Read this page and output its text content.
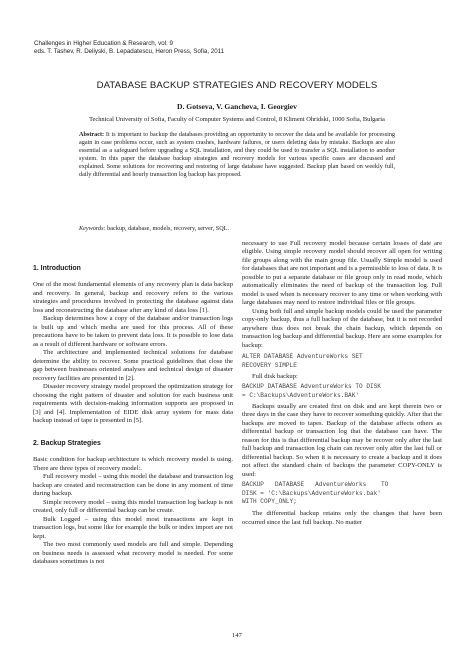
Challenges in Higher Education & Research, vol. 9
eds. T. Tashev, R. Deliyski, B. Lepadatescu, Heron Press, Sofia, 2011
DATABASE BACKUP STRATEGIES AND RECOVERY MODELS
D. Gotseva, V. Gancheva, I. Georgiev
Technical University of Sofia, Faculty of Computer Systems and Control, 8 Kliment Ohridski, 1000 Sofia, Bulgaria
Abstract: It is important to backup the databases providing an opportunity to recover the data and be available for processing again in case problems occur, such as system crashes, hardware failures, or users deleting data by mistake. Backups are also essential as a safeguard before upgrading a SQL installation, and they could be used to transfer a SQL installation to another system. In this paper the database backup strategies and recovery models for various specific cases are discussed and explained. Some solutions for recovering and restoring of large database have suggested. Backup plan based on weekly full, daily differential and hourly transaction log backup has proposed.
Keywords: backup, database, models, recovery, server, SQL.

1. Introduction

One of the most fundamental elements of any recovery plan is data backup and recovery. In general, backup and recovery refers to the various strategies and procedures involved in protecting the database against data loss and reconstructing the database after any kind of data loss [1].

Backup determines how a copy of the database and/or transaction logs is built up and which media are used for this process. All of these precautions have to be taken to prevent data loss. It is possible to lose data as a result of different hardware or software errors.

The architecture and implemented technical solutions for database determine the ability to recover. Some practical guidelines that close the gap between businesses oriented analyses and technical design of disaster recovery facilities are presented in [2].

Disaster recovery strategy model proposed the optimization strategy for choosing the right pattern of disaster and solution for each business unit requirements with decision-making information supports are proposed in [3] and [4]. Implementation of EIDE disk array system for mass data backup instead of tape is presented in [5].

2. Backup Strategies

Basic condition for backup architecture is which recovery model is using. There are three types of recovery model:.

Full recovery model – using this model the database and transaction log backup are created and reconstruction can be done in any moment of time during backup.

Simple recovery model – using this model transaction log backup is not created, only full or differential backup can be create.

Bulk Logged – using this model most transactions are kept in transaction logs, but some like for example the bulk or index import are not kept.

The two most commonly used models are full and simple. Depending on business needs is assessed what recovery model is needed. For some databases sometimes is not

necessary to use Full recovery model because certain losses of date are eligible. Using simple recovery model should recover all open for writing file groups along with the main group file. Usually Simple model is used for databases that are not important and is a permissible to loss of data. It is possible to put a separate database or file group only in read mode, which automatically eliminates the need of backup of the transaction log. Full model is used when is necessary recover to any time or when working with large databases may need to restore individual files or file groups.

Using both full and simple backup models could be used the parameter copy-only backup, thus a full backup of the database, but it is not recorded anywhere thus does not break the chain backup, which depends on transaction log backup and differential backup. Here are some examples for backup:

ALTER DATABASE AdventureWorks SET

RECOVERY SIMPLE

Full disk backup:

BACKUP DATABASE AdventureWorks TO DISK

= C:\Backups\AdventureWorks.BAK'

Backups usually are created first on disk and are kept therein two or three days in the case they have to recover something quickly. After that the backups are moved to tapes. Backup of the database affects others as differential backup or transaction log that the database can have. The reason for this is that differential backup may be recover only after the last full backup and transaction log chain can recover only after the last full or differential backup. So when it is necessary to create a backup and it does not affect the standard chain of backups the parameter COPY-ONLY is used:

BACKUP   DATABASE   AdventureWorks    TO

DISK = 'C:\Backups\AdventureWorks.bak'

WITH COPY_ONLY;

The differential backup retains only the changes that have been occurred since the last full backup. No matter

147
